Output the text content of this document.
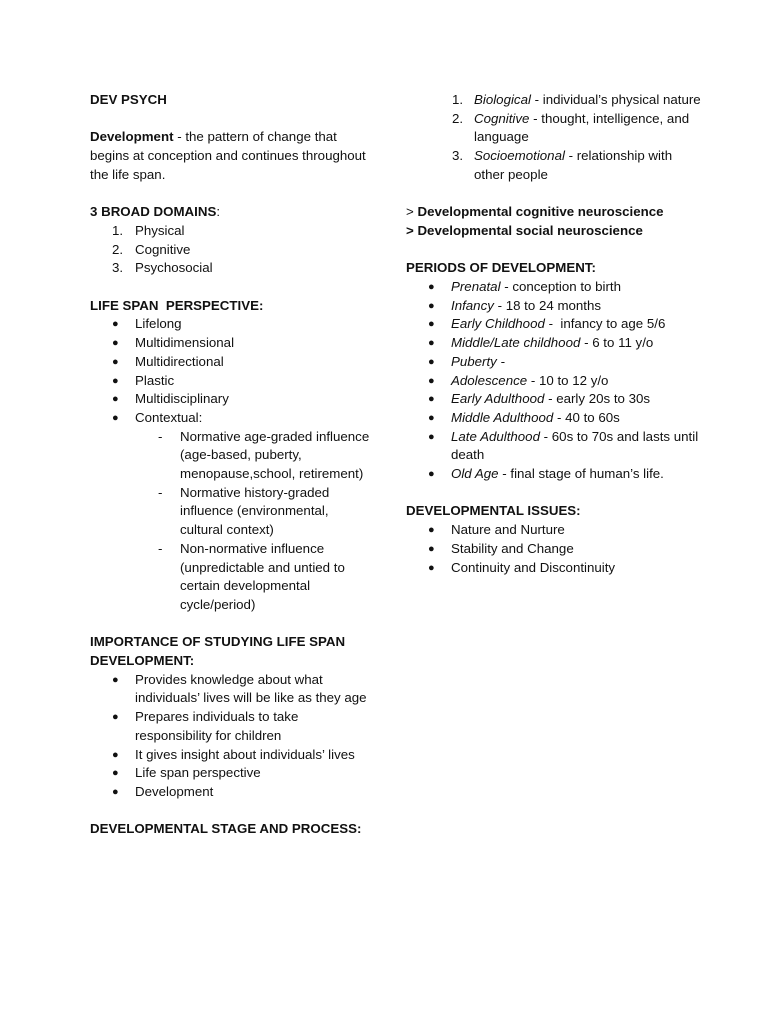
DEV PSYCH

Development - the pattern of change that begins at conception and continues throughout the life span.

3 BROAD DOMAINS:
1. Physical
2. Cognitive
3. Psychosocial
LIFE SPAN  PERSPECTIVE:
● Lifelong
● Multidimensional
● Multidirectional
● Plastic
● Multidisciplinary
● Contextual:
- Normative age-graded influence (age-based, puberty, menopause,school, retirement)
- Normative history-graded influence (environmental, cultural context)
- Non-normative influence (unpredictable and untied to certain developmental cycle/period)
IMPORTANCE OF STUDYING LIFE SPAN DEVELOPMENT:
● Provides knowledge about what individuals’ lives will be like as they age
● Prepares individuals to take responsibility for children
● It gives insight about individuals’ lives
● Life span perspective
● Development
DEVELOPMENTAL STAGE AND PROCESS:
1. Biological - individual’s physical nature
2. Cognitive - thought, intelligence, and language
3. Socioemotional - relationship with other people
> Developmental cognitive neuroscience
> Developmental social neuroscience
PERIODS OF DEVELOPMENT:
● Prenatal - conception to birth
● Infancy - 18 to 24 months
● Early Childhood -  infancy to age 5/6
● Middle/Late childhood - 6 to 11 y/o
● Puberty -
● Adolescence - 10 to 12 y/o
● Early Adulthood - early 20s to 30s
● Middle Adulthood - 40 to 60s
● Late Adulthood - 60s to 70s and lasts until death
● Old Age - final stage of human’s life.
DEVELOPMENTAL ISSUES:
● Nature and Nurture
● Stability and Change
● Continuity and Discontinuity
